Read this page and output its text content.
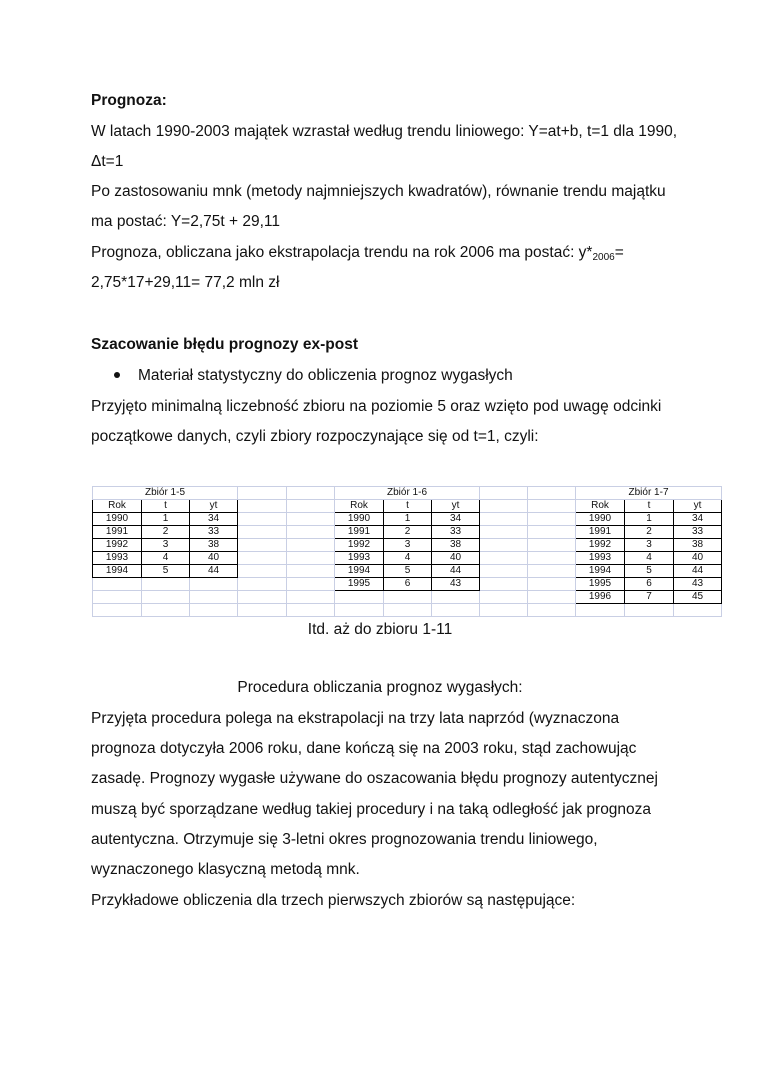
Prognoza:
W latach 1990-2003 majątek wzrastał według trendu liniowego: Y=at+b, t=1 dla 1990,
Δt=1
Po zastosowaniu mnk (metody najmniejszych kwadratów), równanie trendu majątku
ma postać: Y=2,75t + 29,11
Prognoza, obliczana jako ekstrapolacja trendu na rok 2006 ma postać: $y*_{2006}=$
2,75*17+29,11= 77,2 mln zł
Szacowanie błędu prognozy ex-post
Materiał statystyczny do obliczenia prognoz wygasłych
Przyjęto minimalną liczebność zbioru na poziomie 5 oraz wzięto pod uwagę odcinki
początkowe danych, czyli zbiory rozpoczynające się od t=1, czyli:
Zbiór 1-5					Zbiór 1-6					Zbiór 1-7		
Rok	t	yt			Rok	t	yt			Rok	t	yt
1990	1	34			1990	1	34			1990	1	34
1991	2	33			1991	2	33			1991	2	33
1992	3	38			1992	3	38			1992	3	38
1993	4	40			1993	4	40			1993	4	40
1994	5	44			1994	5	44			1994	5	44
					1995	6	43			1995	6	43
										1996	7	45

Itd. aż do zbioru 1-11
Procedura obliczania prognoz wygasłych:
Przyjęta procedura polega na ekstrapolacji na trzy lata naprzód (wyznaczona
prognoza dotyczyła 2006 roku, dane kończą się na 2003 roku, stąd zachowując
zasadę. Prognozy wygasłe używane do oszacowania błędu prognozy autentycznej
muszą być sporządzane według takiej procedury i na taką odległość jak prognoza
autentyczna. Otrzymuje się 3-letni okres prognozowania trendu liniowego,
wyznaczonego klasyczną metodą mnk.
Przykładowe obliczenia dla trzech pierwszych zbiorów są następujące:
